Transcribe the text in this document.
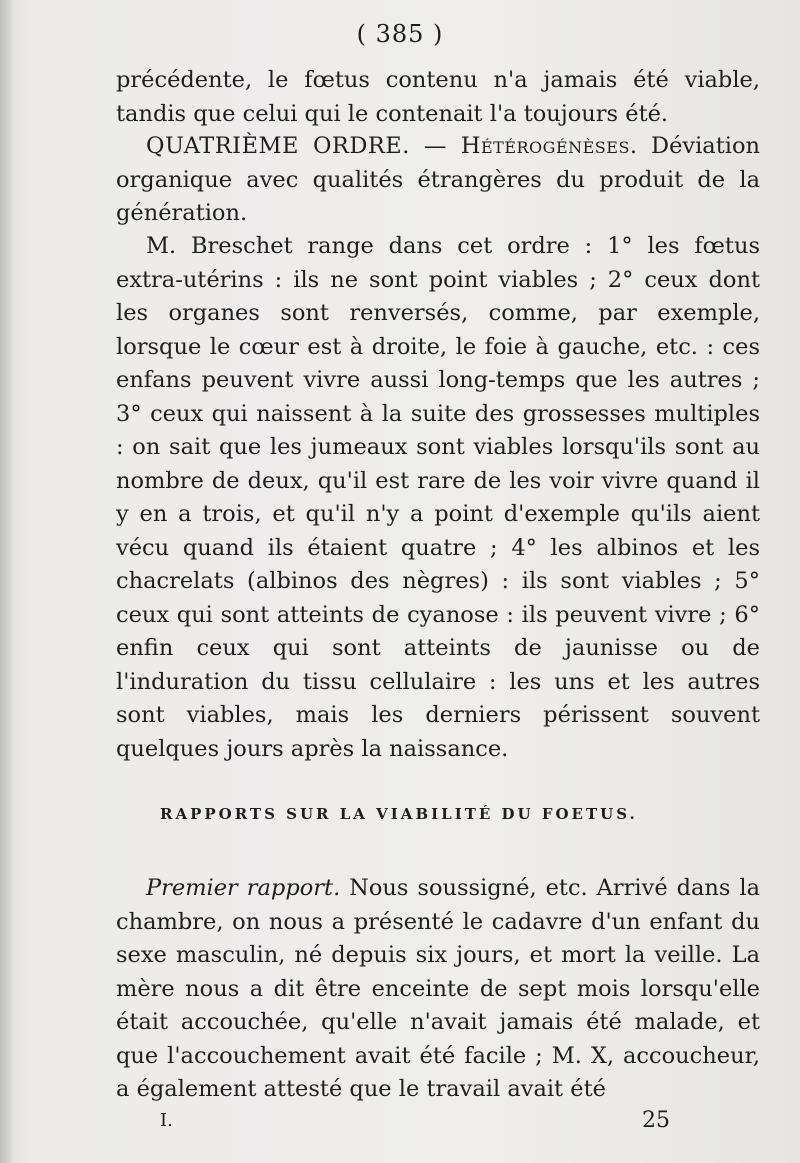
( 385 )

précédente, le fœtus contenu n'a jamais été viable, tandis que celui qui le contenait l'a toujours été.

QUATRIÈME ORDRE. — Hétérogénèses. Déviation organique avec qualités étrangères du produit de la génération.

M. Breschet range dans cet ordre : 1° les fœtus extra-utérins : ils ne sont point viables ; 2° ceux dont les organes sont renversés, comme, par exemple, lorsque le cœur est à droite, le foie à gauche, etc. : ces enfans peuvent vivre aussi long-temps que les autres ; 3° ceux qui naissent à la suite des grossesses multiples : on sait que les jumeaux sont viables lorsqu'ils sont au nombre de deux, qu'il est rare de les voir vivre quand il y en a trois, et qu'il n'y a point d'exemple qu'ils aient vécu quand ils étaient quatre ; 4° les albinos et les chacrelats (albinos des nègres) : ils sont viables ; 5° ceux qui sont atteints de cyanose : ils peuvent vivre ; 6° enfin ceux qui sont atteints de jaunisse ou de l'induration du tissu cellulaire : les uns et les autres sont viables, mais les derniers périssent souvent quelques jours après la naissance.

RAPPORTS SUR LA VIABILITÉ DU FOETUS.

Premier rapport. Nous soussigné, etc. Arrivé dans la chambre, on nous a présenté le cadavre d'un enfant du sexe masculin, né depuis six jours, et mort la veille. La mère nous a dit être enceinte de sept mois lorsqu'elle était accouchée, qu'elle n'avait jamais été malade, et que l'accouchement avait été facile ; M. X, accoucheur, a également attesté que le travail avait été

I.	25
